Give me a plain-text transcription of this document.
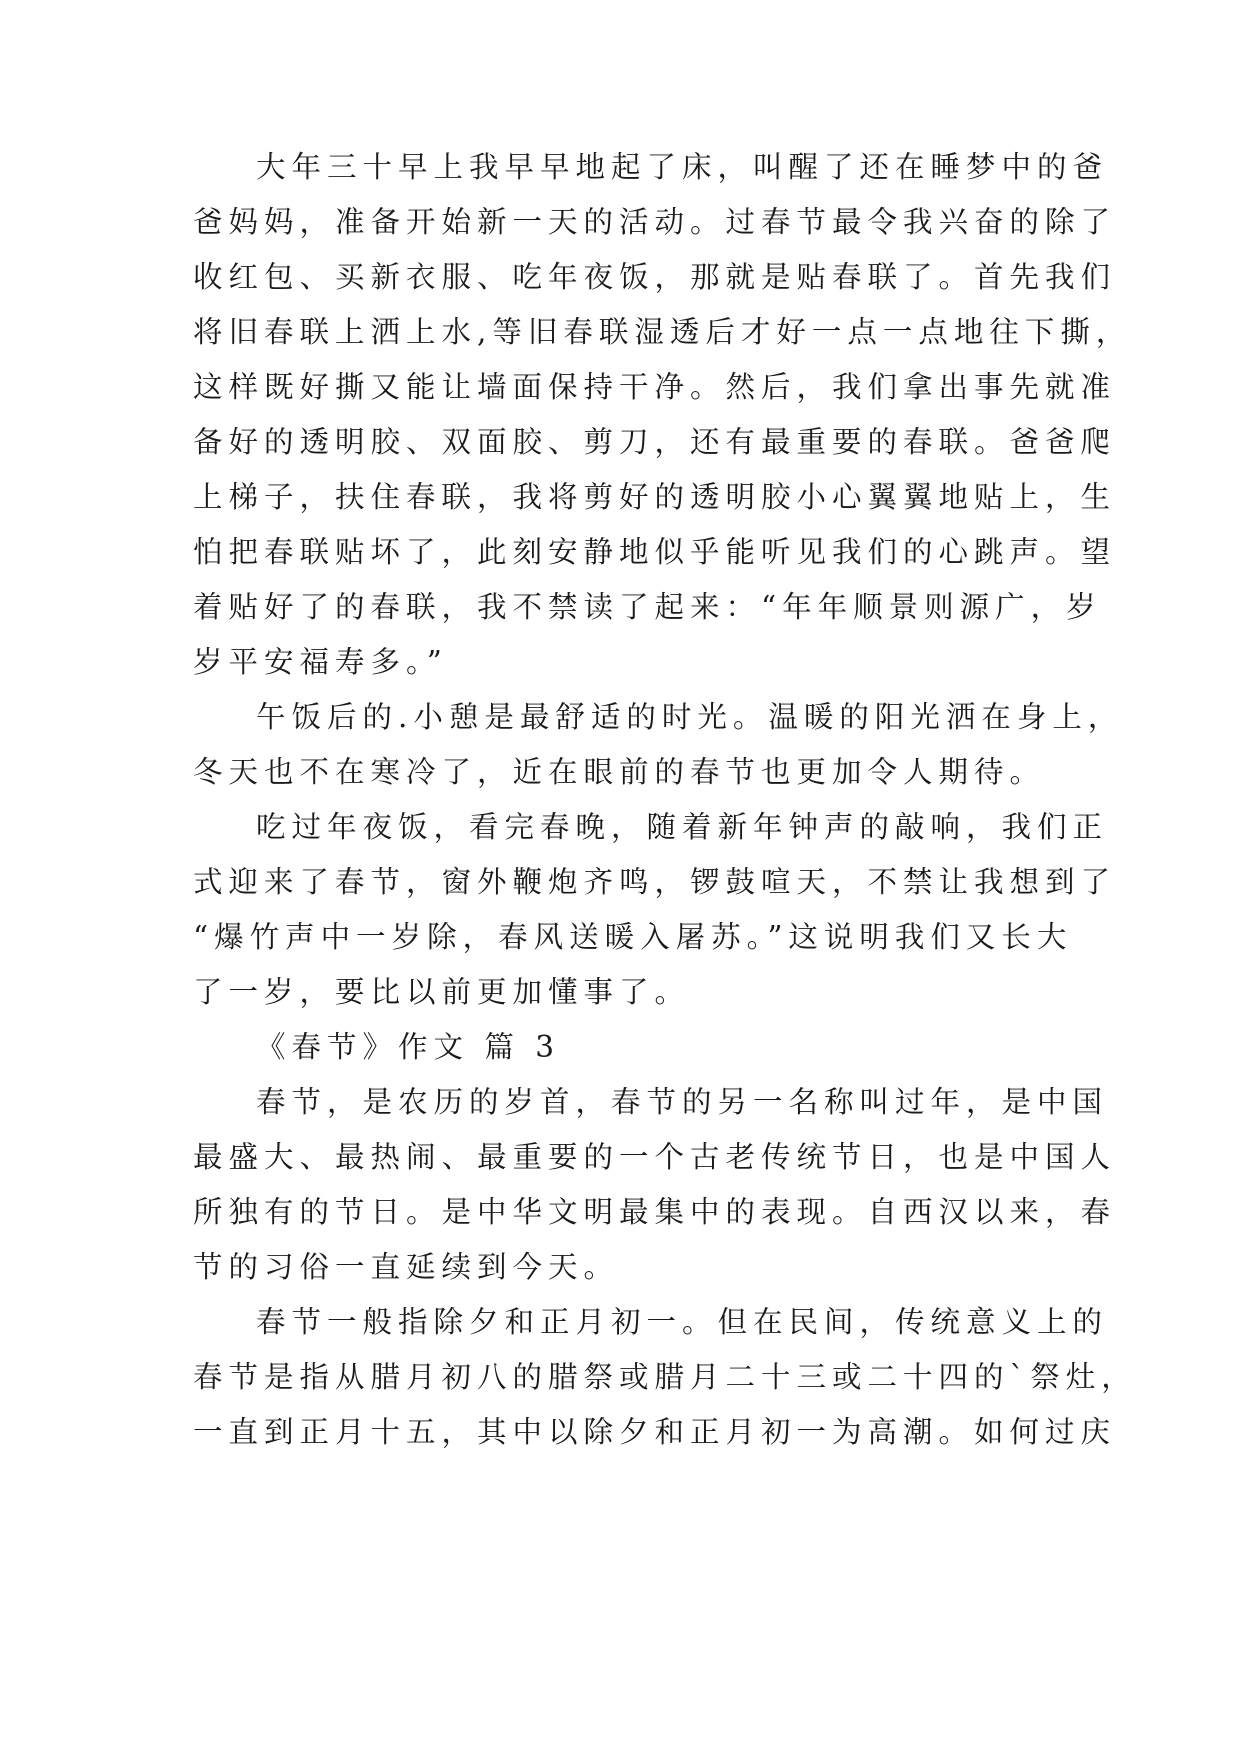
大年三十早上我早早地起了床，叫醒了还在睡梦中的爸

爸妈妈，准备开始新一天的活动。过春节最令我兴奋的除了

收红包、买新衣服、吃年夜饭，那就是贴春联了。首先我们

将旧春联上洒上水,等旧春联湿透后才好一点一点地往下撕，

这样既好撕又能让墙面保持干净。然后，我们拿出事先就准

备好的透明胶、双面胶、剪刀，还有最重要的春联。爸爸爬

上梯子，扶住春联，我将剪好的透明胶小心翼翼地贴上，生

怕把春联贴坏了，此刻安静地似乎能听见我们的心跳声。望

着贴好了的春联，我不禁读了起来：“年年顺景则源广，岁

岁平安福寿多。”

午饭后的.小憩是最舒适的时光。温暖的阳光洒在身上，

冬天也不在寒冷了，近在眼前的春节也更加令人期待。

吃过年夜饭，看完春晚，随着新年钟声的敲响，我们正

式迎来了春节，窗外鞭炮齐鸣，锣鼓喧天，不禁让我想到了

“爆竹声中一岁除，春风送暖入屠苏。”这说明我们又长大

了一岁，要比以前更加懂事了。

《春节》作文 篇 3

春节，是农历的岁首，春节的另一名称叫过年，是中国

最盛大、最热闹、最重要的一个古老传统节日，也是中国人

所独有的节日。是中华文明最集中的表现。自西汉以来，春

节的习俗一直延续到今天。

春节一般指除夕和正月初一。但在民间，传统意义上的

春节是指从腊月初八的腊祭或腊月二十三或二十四的`祭灶，

一直到正月十五，其中以除夕和正月初一为高潮。如何过庆
